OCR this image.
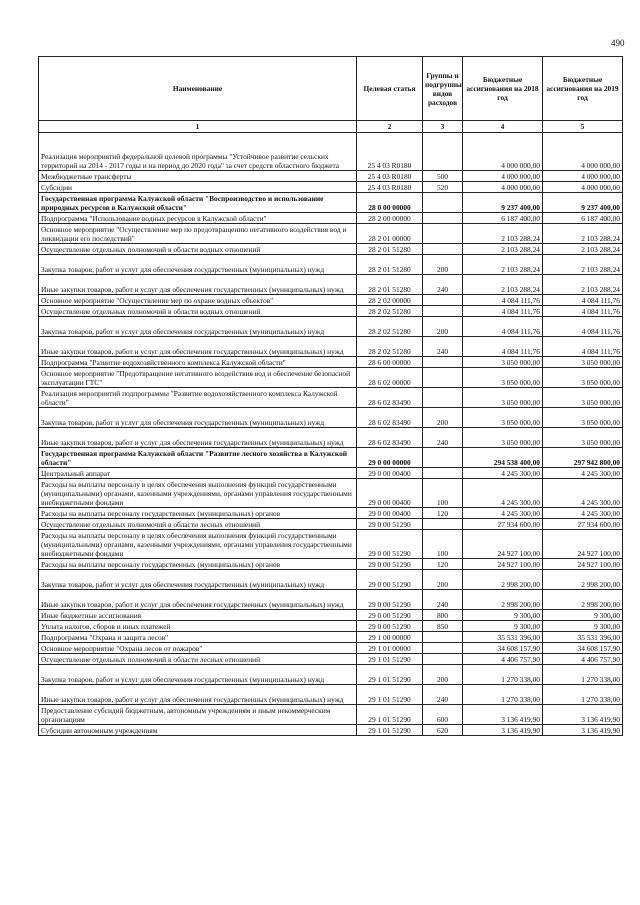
490
Наименование	Целевая статья	Группы и подгруппы видов расходов	Бюджетные ассигнования на 2018 год	Бюджетные ассигнования на 2019 год
1	2	3	4	5
Реализация мероприятий федеральной целевой программы "Устойчивое развитие сельских территорий на 2014 - 2017 годы и на период до 2020 года" за счет средств областного бюджета	25 4 03 R0180		4 000 000,00	4 000 000,00
Межбюджетные трансферты	25 4 03 R0180	500	4 000 000,00	4 000 000,00
Субсидии	25 4 03 R0180	520	4 000 000,00	4 000 000,00
Государственная программа Калужской области "Воспроизводство и использование природных ресурсов в Калужской области"	28 0 00 00000		9 237 400,00	9 237 400,00
Подпрограмма "Использование водных ресурсов в Калужской области"	28 2 00 00000		6 187 400,00	6 187 400,00
Основное мероприятие "Осуществление мер по предотвращению негативного воздействия вод и ликвидации его последствий"	28 2 01 00000		2 103 288,24	2 103 288,24
Осуществление отдельных полномочий в области водных отношений	28 2 01 51280		2 103 288,24	2 103 288,24
Закупка товаров, работ и услуг для обеспечения государственных (муниципальных) нужд	28 2 01 51280	200	2 103 288,24	2 103 288,24
Иные закупки товаров, работ и услуг для обеспечения государственных (муниципальных) нужд	28 2 01 51280	240	2 103 288,24	2 103 288,24
Основное мероприятие "Осуществление мер по охране водных объектов"	28 2 02 00000		4 084 111,76	4 084 111,76
Осуществление отдельных полномочий в области водных отношений	28 2 02 51280		4 084 111,76	4 084 111,76
Закупка товаров, работ и услуг для обеспечения государственных (муниципальных) нужд	28 2 02 51280	200	4 084 111,76	4 084 111,76
Иные закупки товаров, работ и услуг для обеспечения государственных (муниципальных) нужд	28 2 02 51280	240	4 084 111,76	4 084 111,76
Подпрограмма "Развитие водохозяйственного комплекса Калужской области"	28 6 00 00000		3 050 000,00	3 050 000,00
Основное мероприятие "Предотвращение негативного воздействия вод и обеспечение безопасной эксплуатации ГТС"	28 6 02 00000		3 050 000,00	3 050 000,00
Реализация мероприятий подпрограммы "Развитие водохозяйственного комплекса Калужской области"	28 6 02 83490		3 050 000,00	3 050 000,00
Закупка товаров, работ и услуг для обеспечения государственных (муниципальных) нужд	28 6 02 83490	200	3 050 000,00	3 050 000,00
Иные закупки товаров, работ и услуг для обеспечения государственных (муниципальных) нужд	28 6 02 83490	240	3 050 000,00	3 050 000,00
Государственная программа Калужской области "Развитие лесного хозяйства в Калужской области"	29 0 00 00000		294 538 400,00	297 942 800,00
Центральный аппарат	29 0 00 00400		4 245 300,00	4 245 300,00
Расходы на выплаты персоналу в целях обеспечения выполнения функций государственными (муниципальными) органами, казенными учреждениями, органами управления государственными внебюджетными фондами	29 0 00 00400	100	4 245 300,00	4 245 300,00
Расходы на выплаты персоналу государственных (муниципальных) органов	29 0 00 00400	120	4 245 300,00	4 245 300,00
Осуществление отдельных полномочий в области лесных отношений	29 0 00 51290		27 934 600,00	27 934 600,00
Расходы на выплаты персоналу в целях обеспечения выполнения функций государственными (муниципальными) органами, казенными учреждениями, органами управления государственными внебюджетными фондами	29 0 00 51290	100	24 927 100,00	24 927 100,00
Расходы на выплаты персоналу государственных (муниципальных) органов	29 0 00 51290	120	24 927 100,00	24 927 100,00
Закупка товаров, работ и услуг для обеспечения государственных (муниципальных) нужд	29 0 00 51290	200	2 998 200,00	2 998 200,00
Иные закупки товаров, работ и услуг для обеспечения государственных (муниципальных) нужд	29 0 00 51290	240	2 998 200,00	2 998 200,00
Иные бюджетные ассигнования	29 0 00 51290	800	9 300,00	9 300,00
Уплата налогов, сборов и иных платежей	29 0 00 51290	850	9 300,00	9 300,00
Подпрограмма "Охрана и защита лесов"	29 1 00 00000		35 531 396,00	35 531 396,00
Основное мероприятие "Охрана лесов от пожаров"	29 1 01 00000		34 608 157,90	34 608 157,90
Осуществление отдельных полномочий в области лесных отношений	29 1 01 51290		4 406 757,90	4 406 757,90
Закупка товаров, работ и услуг для обеспечения государственных (муниципальных) нужд	29 1 01 51290	200	1 270 338,00	1 270 338,00
Иные закупки товаров, работ и услуг для обеспечения государственных (муниципальных) нужд	29 1 01 51290	240	1 270 338,00	1 270 338,00
Предоставление субсидий бюджетным, автономным учреждениям и иным некоммерческим организациям	29 1 01 51290	600	3 136 419,90	3 136 419,90
Субсидии автономным учреждениям	29 1 01 51290	620	3 136 419,90	3 136 419,90
